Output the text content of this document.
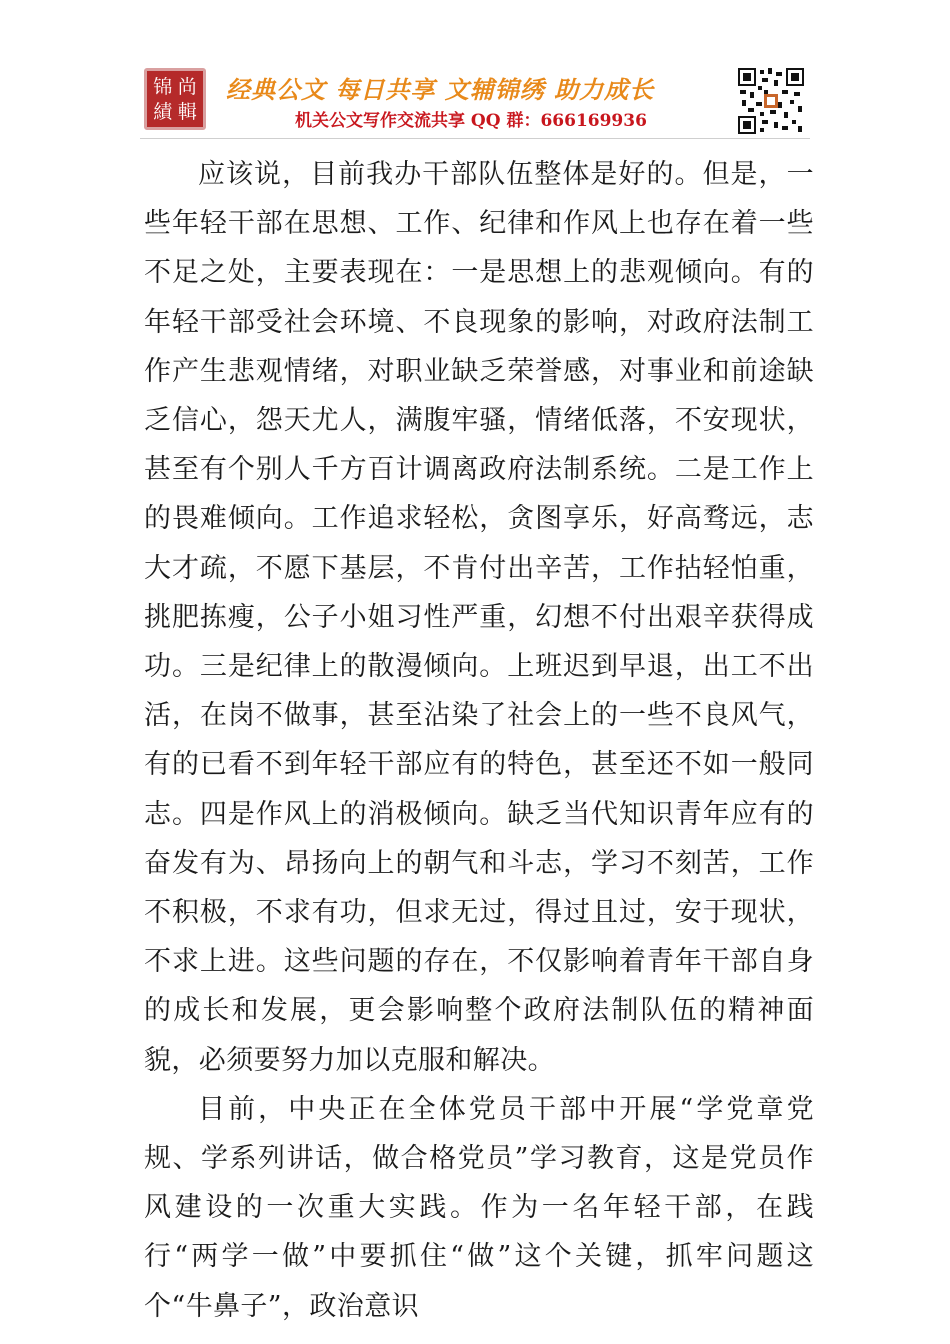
锦 尚
績 輯
经典公文 每日共享 文辅锦绣 助力成长
机关公文写作交流共享 QQ 群：666169936

应该说，目前我办干部队伍整体是好的。但是，一些年轻干部在思想、工作、纪律和作风上也存在着一些不足之处，主要表现在：一是思想上的悲观倾向。有的年轻干部受社会环境、不良现象的影响，对政府法制工作产生悲观情绪，对职业缺乏荣誉感，对事业和前途缺乏信心，怨天尤人，满腹牢骚，情绪低落，不安现状，甚至有个别人千方百计调离政府法制系统。二是工作上的畏难倾向。工作追求轻松，贪图享乐，好高骛远，志大才疏，不愿下基层，不肯付出辛苦，工作拈轻怕重，挑肥拣瘦，公子小姐习性严重，幻想不付出艰辛获得成功。三是纪律上的散漫倾向。上班迟到早退，出工不出活，在岗不做事，甚至沾染了社会上的一些不良风气，有的已看不到年轻干部应有的特色，甚至还不如一般同志。四是作风上的消极倾向。缺乏当代知识青年应有的奋发有为、昂扬向上的朝气和斗志，学习不刻苦，工作不积极，不求有功，但求无过，得过且过，安于现状，不求上进。这些问题的存在，不仅影响着青年干部自身的成长和发展，更会影响整个政府法制队伍的精神面貌，必须要努力加以克服和解决。

目前，中央正在全体党员干部中开展“学党章党规、学系列讲话，做合格党员”学习教育，这是党员作风建设的一次重大实践。作为一名年轻干部，在践行“两学一做”中要抓住“做”这个关键，抓牢问题这个“牛鼻子”，政治意识
